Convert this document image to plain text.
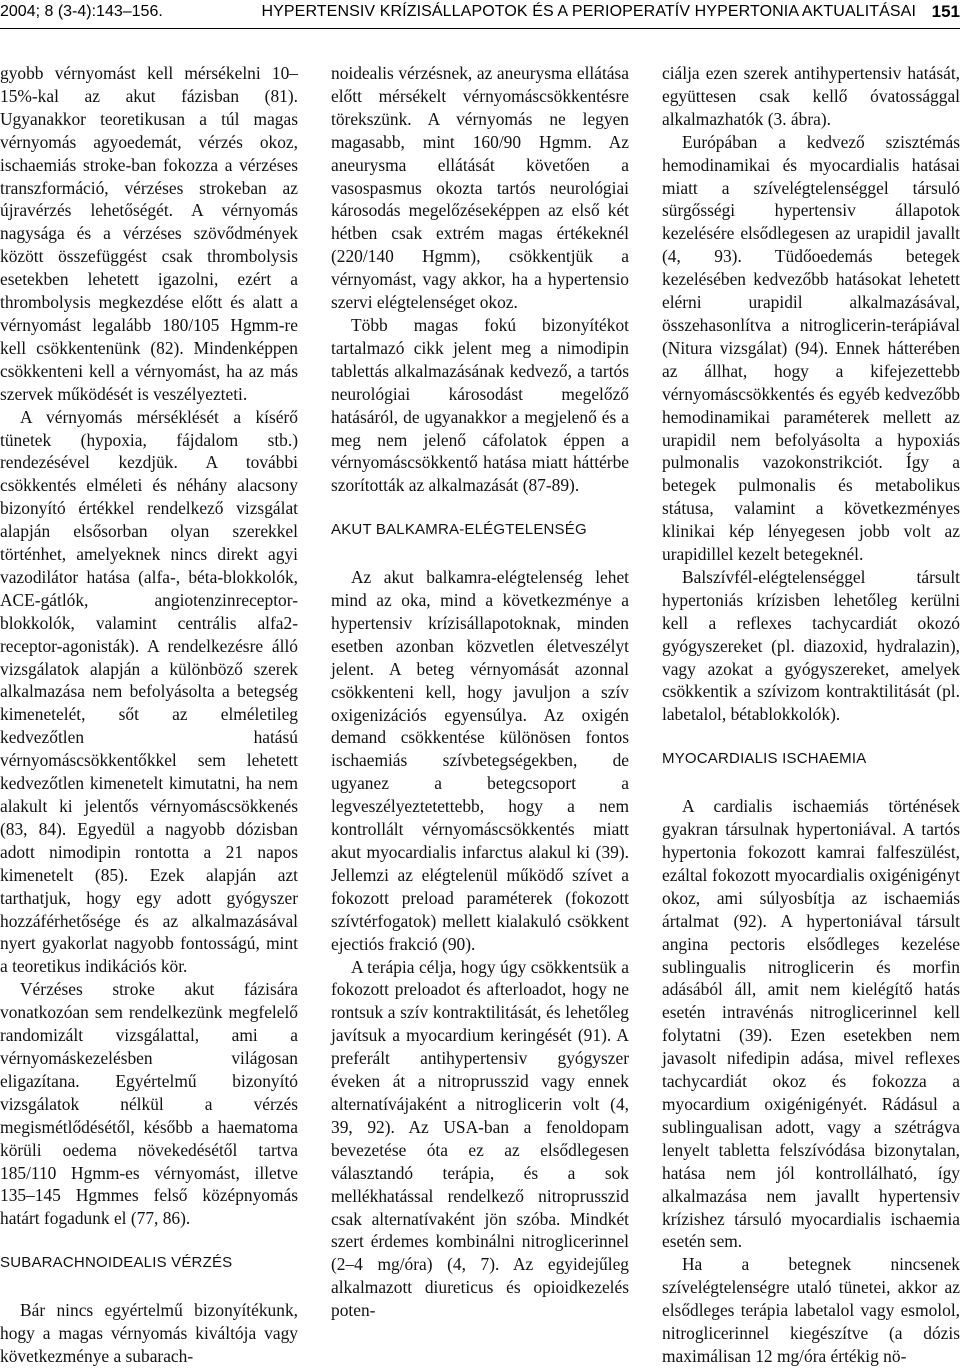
2004; 8 (3-4):143–156.	HYPERTENSIV KRÍZISÁLLAPOTOK ÉS A PERIOPERATÍV HYPERTONIA AKTUALITÁSAI 151

gyobb vérnyomást kell mérsékelni 10–15%-kal az akut fázisban (81). Ugyanakkor teoretikusan a túl magas vérnyomás agyoedemát, vérzés okoz, ischaemiás stroke-ban fokozza a vérzéses transzformáció, vérzéses strokeban az újravérzés lehetőségét. A vérnyomás nagysága és a vérzéses szövődmények között összefüggést csak thrombolysis esetekben lehetett igazolni, ezért a thrombolysis megkezdése előtt és alatt a vérnyomást legalább 180/105 Hgmm-re kell csökkentenünk (82). Mindenképpen csökkenteni kell a vérnyomást, ha az más szervek működését is veszélyezteti.

A vérnyomás mérséklését a kísérő tünetek (hypoxia, fájdalom stb.) rendezésével kezdjük. A további csökkentés elméleti és néhány alacsony bizonyító értékkel rendelkező vizsgálat alapján elsősorban olyan szerekkel történhet, amelyeknek nincs direkt agyi vazodilátor hatása (alfa-, béta-blokkolók, ACE-gátlók, angiotenzinreceptor-blokkolók, valamint centrális alfa2-receptor-agonisták). A rendelkezésre álló vizsgálatok alapján a különböző szerek alkalmazása nem befolyásolta a betegség kimenetelét, sőt az elméletileg kedvezőtlen hatású vérnyomáscsökkentőkkel sem lehetett kedvezőtlen kimenetelt kimutatni, ha nem alakult ki jelentős vérnyomáscsökkenés (83, 84). Egyedül a nagyobb dózisban adott nimodipin rontotta a 21 napos kimenetelt (85). Ezek alapján azt tarthatjuk, hogy egy adott gyógyszer hozzáférhetősége és az alkalmazásával nyert gyakorlat nagyobb fontosságú, mint a teoretikus indikációs kör.

Vérzéses stroke akut fázisára vonatkozóan sem rendelkezünk megfelelő randomizált vizsgálattal, ami a vérnyomáskezelésben világosan eligazítana. Egyértelmű bizonyító vizsgálatok nélkül a vérzés megismétlődésétől, később a haematoma körüli oedema növekedésétől tartva 185/110 Hgmm-es vérnyomást, illetve 135–145 Hgmmes felső középnyomás határt fogadunk el (77, 86).

SUBARACHNOIDEALIS VÉRZÉS

Bár nincs egyértelmű bizonyítékunk, hogy a magas vérnyomás kiváltója vagy következménye a subarach-

noidealis vérzésnek, az aneurysma ellátása előtt mérsékelt vérnyomáscsökkentésre törekszünk. A vérnyomás ne legyen magasabb, mint 160/90 Hgmm. Az aneurysma ellátását követően a vasospasmus okozta tartós neurológiai károsodás megelőzéseképpen az első két hétben csak extrém magas értékeknél (220/140 Hgmm), csökkentjük a vérnyomást, vagy akkor, ha a hypertensio szervi elégtelenséget okoz.

Több magas fokú bizonyítékot tartalmazó cikk jelent meg a nimodipin tablettás alkalmazásának kedvező, a tartós neurológiai károsodást megelőző hatásáról, de ugyanakkor a megjelenő és a meg nem jelenő cáfolatok éppen a vérnyomáscsökkentő hatása miatt háttérbe szorították az alkalmazását (87-89).

AKUT BALKAMRA-ELÉGTELENSÉG

Az akut balkamra-elégtelenség lehet mind az oka, mind a következménye a hypertensiv krízisállapotoknak, minden esetben azonban közvetlen életveszélyt jelent. A beteg vérnyomását azonnal csökkenteni kell, hogy javuljon a szív oxigenizációs egyensúlya. Az oxigén demand csökkentése különösen fontos ischaemiás szívbetegségekben, de ugyanez a betegcsoport a legveszélyeztetettebb, hogy a nem kontrollált vérnyomáscsökkentés miatt akut myocardialis infarctus alakul ki (39). Jellemzi az elégtelenül működő szívet a fokozott preload paraméterek (fokozott szívtérfogatok) mellett kialakuló csökkent ejectiós frakció (90).

A terápia célja, hogy úgy csökkentsük a fokozott preloadot és afterloadot, hogy ne rontsuk a szív kontraktilitását, és lehetőleg javítsuk a myocardium keringését (91). A preferált antihypertensiv gyógyszer éveken át a nitroprusszid vagy ennek alternatívájaként a nitroglicerin volt (4, 39, 92). Az USA-ban a fenoldopam bevezetése óta ez az elsődlegesen választandó terápia, és a sok mellékhatással rendelkező nitroprusszid csak alternatívaként jön szóba. Mindkét szert érdemes kombinálni nitroglicerinnel (2–4 mg/óra) (4, 7). Az egyidejűleg alkalmazott diureticus és opioidkezelés poten-

ciálja ezen szerek antihypertensiv hatását, együttesen csak kellő óvatossággal alkalmazhatók (3. ábra).

Európában a kedvező szisztémás hemodinamikai és myocardialis hatásai miatt a szívelégtelenséggel társuló sürgősségi hypertensiv állapotok kezelésére elsődlegesen az urapidil javallt (4, 93). Tüdőoedemás betegek kezelésében kedvezőbb hatásokat lehetett elérni urapidil alkalmazásával, összehasonlítva a nitroglicerin-terápiával (Nitura vizsgálat) (94). Ennek hátterében az állhat, hogy a kifejezettebb vérnyomáscsökkentés és egyéb kedvezőbb hemodinamikai paraméterek mellett az urapidil nem befolyásolta a hypoxiás pulmonalis vazokonstrikciót. Így a betegek pulmonalis és metabolikus státusa, valamint a következményes klinikai kép lényegesen jobb volt az urapidillel kezelt betegeknél.

Balszívfél-elégtelenséggel társult hypertoniás krízisben lehetőleg kerülni kell a reflexes tachycardiát okozó gyógyszereket (pl. diazoxid, hydralazin), vagy azokat a gyógyszereket, amelyek csökkentik a szívizom kontraktilitását (pl. labetalol, bétablokkolók).

MYOCARDIALIS ISCHAEMIA

A cardialis ischaemiás történések gyakran társulnak hypertoniával. A tartós hypertonia fokozott kamrai falfeszülést, ezáltal fokozott myocardialis oxigénigényt okoz, ami súlyosbítja az ischaemiás ártalmat (92). A hypertoniával társult angina pectoris elsődleges kezelése sublingualis nitroglicerin és morfin adásából áll, amit nem kielégítő hatás esetén intravénás nitroglicerinnel kell folytatni (39). Ezen esetekben nem javasolt nifedipin adása, mivel reflexes tachycardiát okoz és fokozza a myocardium oxigénigényét. Rádásul a sublingualisan adott, vagy a szétrágva lenyelt tabletta felszívódása bizonytalan, hatása nem jól kontrollálható, így alkalmazása nem javallt hypertensiv krízishez társuló myocardialis ischaemia esetén sem.

Ha a betegnek nincsenek szívelégtelenségre utaló tünetei, akkor az elsődleges terápia labetalol vagy esmolol, nitroglicerinnel kiegészítve (a dózis maximálisan 12 mg/óra értékig nö-
